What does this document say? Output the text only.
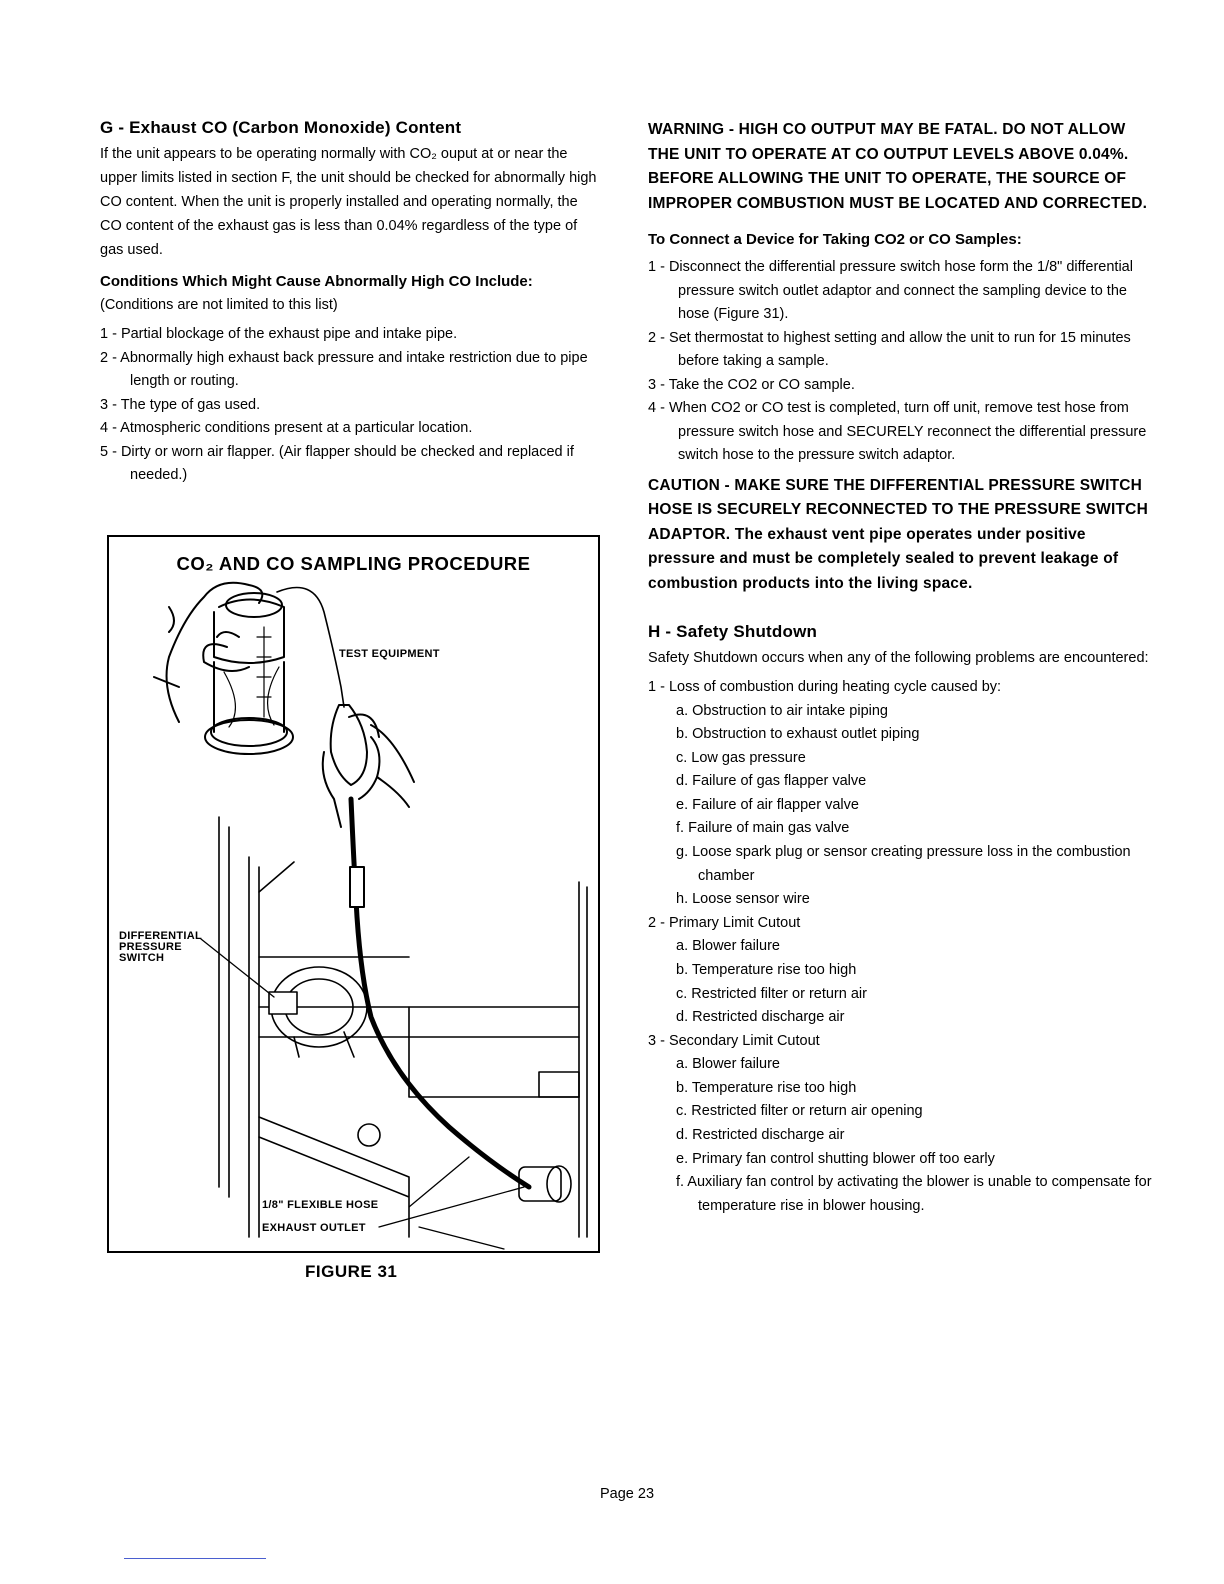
G - Exhaust CO (Carbon Monoxide) Content

If the unit appears to be operating normally with CO₂ ouput at or near the upper limits listed in section F, the unit should be checked for abnormally high CO content. When the unit is properly installed and operating normally, the CO content of the exhaust gas is less than 0.04% regardless of the type of gas used.

Conditions Which Might Cause Abnormally High CO Include:

(Conditions are not limited to this list)

1 - Partial blockage of the exhaust pipe and intake pipe.
2 - Abnormally high exhaust back pressure and intake restriction due to pipe length or routing.
3 - The type of gas used.
4 - Atmospheric conditions present at a particular location.
5 - Dirty or worn air flapper. (Air flapper should be checked and replaced if needed.)
CO₂ AND CO SAMPLING PROCEDURE
TEST EQUIPMENT
DIFFERENTIAL
PRESSURE
SWITCH
1/8" FLEXIBLE HOSE
EXHAUST OUTLET
FIGURE 31

WARNING - HIGH CO OUTPUT MAY BE FATAL. DO NOT ALLOW THE UNIT TO OPERATE AT CO OUTPUT LEVELS ABOVE 0.04%. BEFORE ALLOWING THE UNIT TO OPERATE, THE SOURCE OF IMPROPER COMBUSTION MUST BE LOCATED AND CORRECTED.

To Connect a Device for Taking CO2 or CO Samples:

1 - Disconnect the differential pressure switch hose form the 1/8" differential pressure switch outlet adaptor and connect the sampling device to the hose (Figure 31).
2 - Set thermostat to highest setting and allow the unit to run for 15 minutes before taking a sample.
3 - Take the CO2 or CO sample.
4 - When CO2 or CO test is completed, turn off unit, remove test hose from pressure switch hose and SECURELY reconnect the differential pressure switch hose to the pressure switch adaptor.

CAUTION - MAKE SURE THE DIFFERENTIAL PRESSURE SWITCH HOSE IS SECURELY RECONNECTED TO THE PRESSURE SWITCH ADAPTOR. The exhaust vent pipe operates under positive pressure and must be completely sealed to prevent leakage of combustion products into the living space.

H - Safety Shutdown

Safety Shutdown occurs when any of the following problems are encountered:

1 - Loss of combustion during heating cycle caused by:
a. Obstruction to air intake piping
b. Obstruction to exhaust outlet piping
c. Low gas pressure
d. Failure of gas flapper valve
e. Failure of air flapper valve
f. Failure of main gas valve
g. Loose spark plug or sensor creating pressure loss in the combustion chamber
h. Loose sensor wire
2 - Primary Limit Cutout
a. Blower failure
b. Temperature rise too high
c. Restricted filter or return air
d. Restricted discharge air
3 - Secondary Limit Cutout
a. Blower failure
b. Temperature rise too high
c. Restricted filter or return air opening
d. Restricted discharge air
e. Primary fan control shutting blower off too early
f. Auxiliary fan control by activating the blower is unable to compensate for temperature rise in blower housing.
Page 23
